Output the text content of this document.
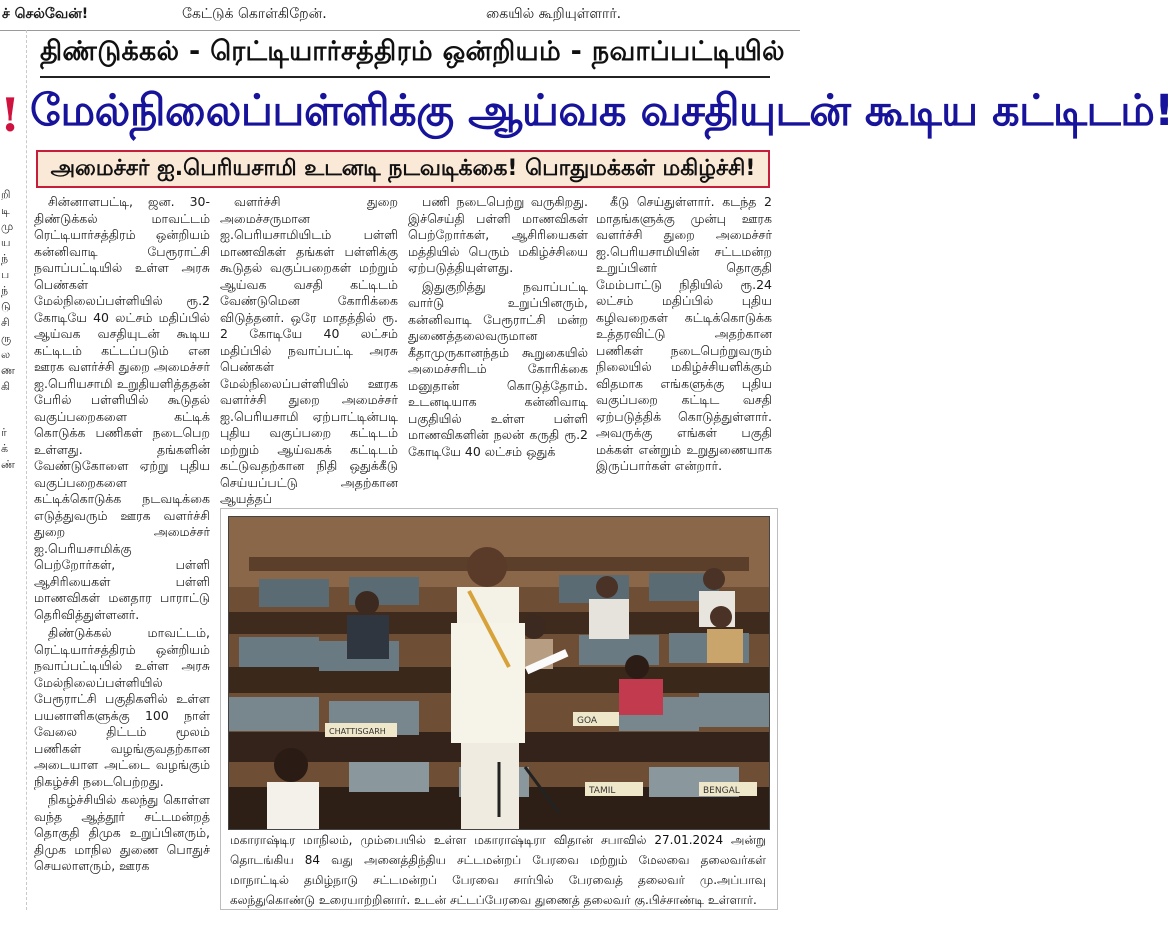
ச் செல்வேன்!	கேட்டுக் கொள்கிறேன்.	கையில் கூறியுள்ளார்.
!
றி
டி
மு
ய
ந்
ப
ந்
டு
சி
ரு
ல
ண
கி
ர்
க்
ண்
திண்டுக்கல் - ரெட்டியார்சத்திரம் ஒன்றியம் - நவாப்பட்டியில்
மேல்நிலைப்பள்ளிக்கு ஆய்வக வசதியுடன் கூடிய கட்டிடம்!
அமைச்சர் ஐ.பெரியசாமி உடனடி நடவடிக்கை! பொதுமக்கள் மகிழ்ச்சி!

சின்னாளபட்டி, ஜன. 30- திண்டுக்கல் மாவட்டம் ரெட்டியார்சத்திரம் ஒன்றியம் கன்னிவாடி பேரூராட்சி நவாப்பட்டியில் உள்ள அரசு பெண்கள் மேல்நிலைப்பள்ளியில் ரூ.2 கோடியே 40 லட்சம் மதிப்பில் ஆய்வக வசதியுடன் கூடிய கட்டிடம் கட்டப்படும் என ஊரக வளர்ச்சி துறை அமைச்சர் ஐ.பெரியசாமி உறுதியளித்ததன் பேரில் பள்ளியில் கூடுதல் வகுப்பறைகளை கட்டிக் கொடுக்க பணிகள் நடைபெற உள்ளது. தங்களின் வேண்டுகோளை ஏற்று புதிய வகுப்பறைகளை கட்டிக்கொடுக்க நடவடிக்கை எடுத்துவரும் ஊரக வளர்ச்சி துறை அமைச்சர் ஐ.பெரியசாமிக்கு பெற்றோர்கள், பள்ளி ஆசிரியைகள் பள்ளி மாணவிகள் மனதார பாராட்டு தெரிவித்துள்ளனர்.

திண்டுக்கல் மாவட்டம், ரெட்டியார்சத்திரம் ஒன்றியம் நவாப்பட்டியில் உள்ள அரசு மேல்நிலைப்பள்ளியில் பேரூராட்சி பகுதிகளில் உள்ள பயனாளிகளுக்கு 100 நாள் வேலை திட்டம் மூலம் பணிகள் வழங்குவதற்கான அடையாள அட்டை வழங்கும் நிகழ்ச்சி நடைபெற்றது.

நிகழ்ச்சியில் கலந்து கொள்ள வந்த ஆத்தூர் சட்டமன்றத் தொகுதி திமுக உறுப்பினரும், திமுக மாநில துணை பொதுச் செயலாளரும், ஊரக

வளர்ச்சி துறை அமைச்சருமான ஐ.பெரியசாமியிடம் பள்ளி மாணவிகள் தங்கள் பள்ளிக்கு கூடுதல் வகுப்பறைகள் மற்றும் ஆய்வக வசதி கட்டிடம் வேண்டுமென கோரிக்கை விடுத்தனர். ஒரே மாதத்தில் ரூ. 2 கோடியே 40 லட்சம் மதிப்பில் நவாப்பட்டி அரசு பெண்கள் மேல்நிலைப்பள்ளியில் ஊரக வளர்ச்சி துறை அமைச்சர் ஐ.பெரியசாமி ஏற்பாட்டின்படி புதிய வகுப்பறை கட்டிடம் மற்றும் ஆய்வகக் கட்டிடம் கட்டுவதற்கான நிதி ஒதுக்கீடு செய்யப்பட்டு அதற்கான ஆயத்தப்

பணி நடைபெற்று வருகிறது. இச்செய்தி பள்ளி மாணவிகள் பெற்றோர்கள், ஆசிரியைகள் மத்தியில் பெரும் மகிழ்ச்சியை ஏற்படுத்தியுள்ளது.

இதுகுறித்து நவாப்பட்டி வார்டு உறுப்பினரும், கன்னிவாடி பேரூராட்சி மன்ற துணைத்தலைவருமான கீதாமுருகானந்தம் கூறுகையில் அமைச்சரிடம் கோரிக்கை மனுதான் கொடுத்தோம். உடனடியாக கன்னிவாடி பகுதியில் உள்ள பள்ளி மாணவிகளின் நலன் கருதி ரூ.2 கோடியே 40 லட்சம் ஒதுக்

கீடு செய்துள்ளார். கடந்த 2 மாதங்களுக்கு முன்பு ஊரக வளர்ச்சி துறை அமைச்சர் ஐ.பெரியசாமியின் சட்டமன்ற உறுப்பினர் தொகுதி மேம்பாட்டு நிதியில் ரூ.24 லட்சம் மதிப்பில் புதிய கழிவறைகள் கட்டிக்கொடுக்க உத்தரவிட்டு அதற்கான பணிகள் நடைபெற்றுவரும் நிலையில் மகிழ்ச்சியளிக்கும் விதமாக எங்களுக்கு புதிய வகுப்பறை கட்டிட வசதி ஏற்படுத்திக் கொடுத்துள்ளார். அவருக்கு எங்கள் பகுதி மக்கள் என்றும் உறுதுணையாக இருப்பார்கள் என்றார்.

GOA
CHATTISGARH
TAMIL	BENGAL
மகாராஷ்டிர மாநிலம், மும்பையில் உள்ள மகாராஷ்டிரா விதான் சபாவில் 27.01.2024 அன்று தொடங்கிய 84 வது அனைத்திந்திய சட்டமன்றப் பேரவை மற்றும் மேலவை தலைவர்கள் மாநாட்டில் தமிழ்நாடு சட்டமன்றப் பேரவை சார்பில் பேரவைத் தலைவர் மு.அப்பாவு கலந்துகொண்டு உரையாற்றினார். உடன் சட்டப்பேரவை துணைத் தலைவர் கு.பிச்சாண்டி உள்ளார்.
